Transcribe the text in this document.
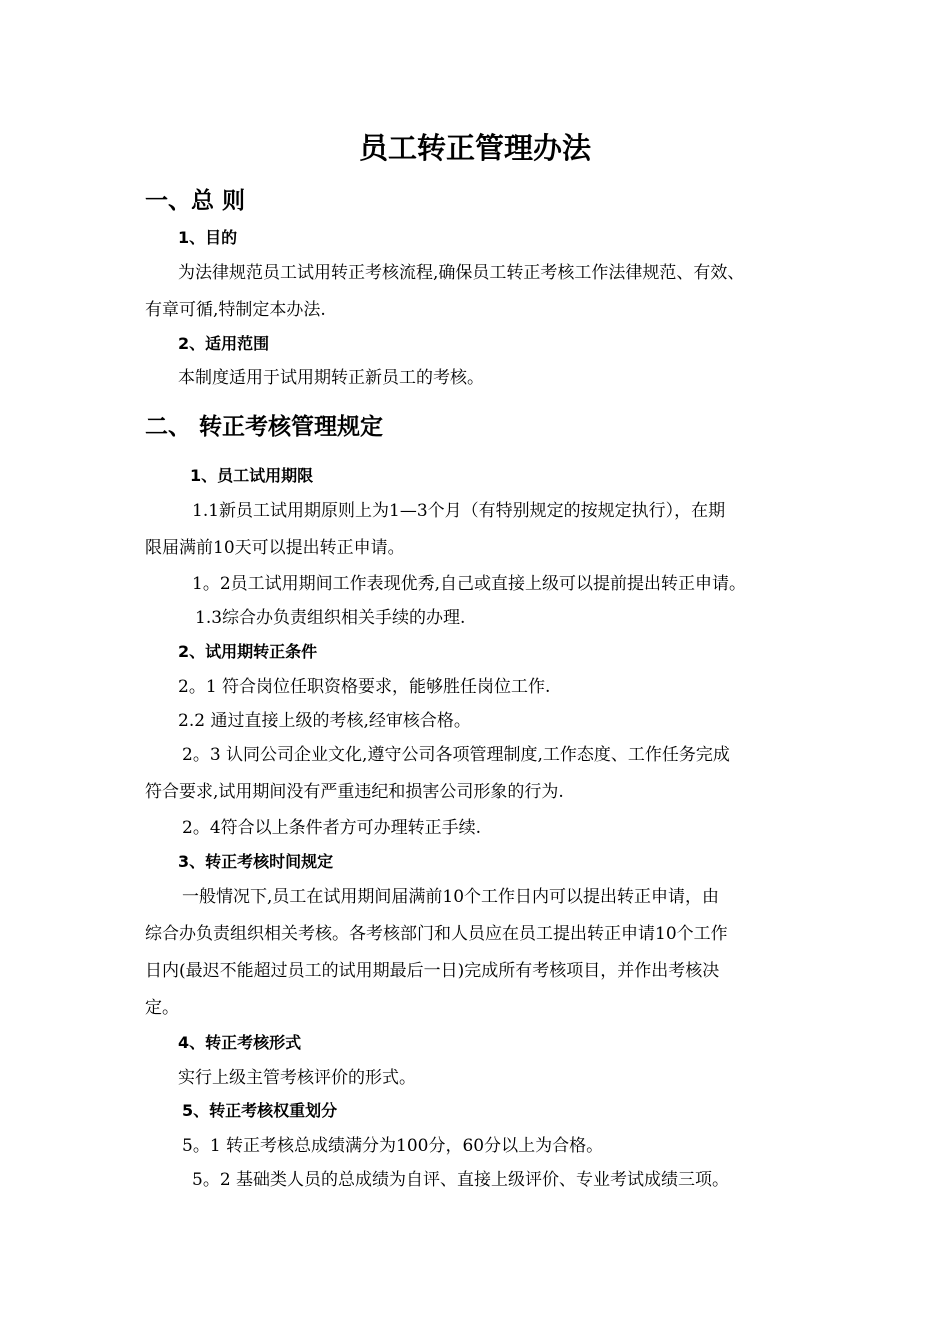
员工转正管理办法
一、总 则
1、目的
为法律规范员工试用转正考核流程,确保员工转正考核工作法律规范、有效、
有章可循,特制定本办法.
2、适用范围
本制度适用于试用期转正新员工的考核。
二、 转正考核管理规定
1、员工试用期限
1.1新员工试用期原则上为1—3个月（有特别规定的按规定执行），在期
限届满前10天可以提出转正申请。
1。2员工试用期间工作表现优秀,自己或直接上级可以提前提出转正申请。
1.3综合办负责组织相关手续的办理.
2、试用期转正条件
2。1 符合岗位任职资格要求，能够胜任岗位工作.
2.2 通过直接上级的考核,经审核合格。
2。3 认同公司企业文化,遵守公司各项管理制度,工作态度、工作任务完成
符合要求,试用期间没有严重违纪和损害公司形象的行为.
2。4符合以上条件者方可办理转正手续.
3、转正考核时间规定
一般情况下,员工在试用期间届满前10个工作日内可以提出转正申请，由
综合办负责组织相关考核。各考核部门和人员应在员工提出转正申请10个工作
日内(最迟不能超过员工的试用期最后一日)完成所有考核项目，并作出考核决
定。
4、转正考核形式
实行上级主管考核评价的形式。
5、转正考核权重划分
5。1 转正考核总成绩满分为100分，60分以上为合格。
5。2 基础类人员的总成绩为自评、直接上级评价、专业考试成绩三项。
